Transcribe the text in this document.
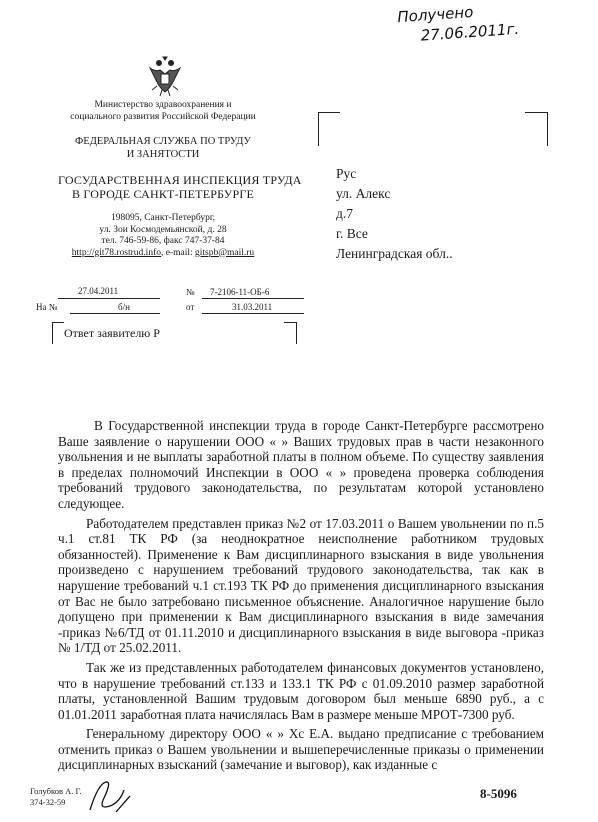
Получено
27.06.2011г.
Министерство здравоохранения и
социального развития Российской Федерации
ФЕДЕРАЛЬНАЯ СЛУЖБА ПО ТРУДУ
И ЗАНЯТОСТИ
ГОСУДАРСТВЕННАЯ ИНСПЕКЦИЯ ТРУДА
В ГОРОДЕ САНКТ-ПЕТЕРБУРГЕ
198095, Санкт-Петербург,
ул. Зои Космодемьянской, д. 28
тел. 746-59-86, факс 747-37-84
http://git78.rostrud.info, e-mail: gitspb@mail.ru
Рус
ул. Алекс
д.7
г. Все
Ленинградская обл..
27.04.2011	№ 7-2106-11-ОБ-6
На №	б/н	от	31.03.2011
Ответ заявителю Р

В Государственной инспекции труда в городе Санкт-Петербурге рассмотрено Ваше заявление о нарушении ООО « » Ваших трудовых прав в части незаконного увольнения и не выплаты заработной платы в полном объеме. По существу заявления в пределах полномочий Инспекции в ООО « » проведена проверка соблюдения требований трудового законодательства, по результатам которой установлено следующее.

Работодателем представлен приказ №2 от 17.03.2011 о Вашем увольнении по п.5 ч.1 ст.81 ТК РФ (за неоднократное неисполнение работником трудовых обязанностей). Применение к Вам дисциплинарного взыскания в виде увольнения произведено с нарушением требований трудового законодательства, так как в нарушение требований ч.1 ст.193 ТК РФ до применения дисциплинарного взыскания от Вас не было затребовано письменное объяснение. Аналогичное нарушение было допущено при применении к Вам дисциплинарного взыскания в виде замечания -приказ №6/ТД от 01.11.2010 и дисциплинарного взыскания в виде выговора -приказ № 1/ТД от 25.02.2011.

Так же из представленных работодателем финансовых документов установлено, что в нарушение требований ст.133 и 133.1 ТК РФ с 01.09.2010 размер заработной платы, установленной Вашим трудовым договором был меньше 6890 руб., а с 01.01.2011 заработная плата начислялась Вам в размере меньше МРОТ-7300 руб.

Генеральному директору ООО « » Хс Е.А. выдано предписание с требованием отменить приказ о Вашем увольнении и вышеперечисленные приказы о применении дисциплинарных взысканий (замечание и выговор), как изданные с

Голубков А. Г.
374-32-59
8-5096
